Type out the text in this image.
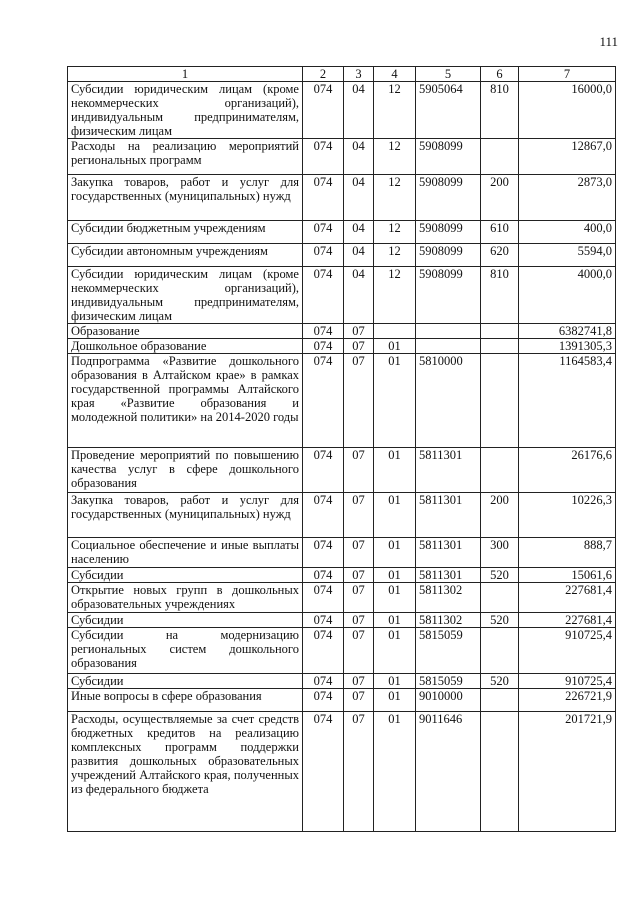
111
1	2	3	4	5	6	7
Субсидии юридическим лицам (кроме некоммерческих организаций), индивидуальным предпринимателям, физическим лицам	074	04	12	5905064	810	16000,0
Расходы на реализацию мероприятий региональных программ	074	04	12	5908099		12867,0
Закупка товаров, работ и услуг для государственных (муниципальных) нужд	074	04	12	5908099	200	2873,0
Субсидии бюджетным учреждениям	074	04	12	5908099	610	400,0
Субсидии автономным учреждениям	074	04	12	5908099	620	5594,0
Субсидии юридическим лицам (кроме некоммерческих организаций), индивидуальным предпринимателям, физическим лицам	074	04	12	5908099	810	4000,0
Образование	074	07				6382741,8
Дошкольное образование	074	07	01			1391305,3
Подпрограмма «Развитие дошкольного образования в Алтайском крае» в рамках государственной программы Алтайского края «Развитие образования и молодежной политики» на 2014-2020 годы	074	07	01	5810000		1164583,4
Проведение мероприятий по повышению качества услуг в сфере дошкольного образования	074	07	01	5811301		26176,6
Закупка товаров, работ и услуг для государственных (муниципальных) нужд	074	07	01	5811301	200	10226,3
Социальное обеспечение и иные выплаты населению	074	07	01	5811301	300	888,7
Субсидии	074	07	01	5811301	520	15061,6
Открытие новых групп в дошкольных образовательных учреждениях	074	07	01	5811302		227681,4
Субсидии	074	07	01	5811302	520	227681,4
Субсидии на модернизацию региональных систем дошкольного образования	074	07	01	5815059		910725,4
Субсидии	074	07	01	5815059	520	910725,4
Иные вопросы в сфере образования	074	07	01	9010000		226721,9
Расходы, осуществляемые за счет средств бюджетных кредитов на реализацию комплексных программ поддержки развития дошкольных образовательных учреждений Алтайского края, полученных из федерального бюджета	074	07	01	9011646		201721,9
